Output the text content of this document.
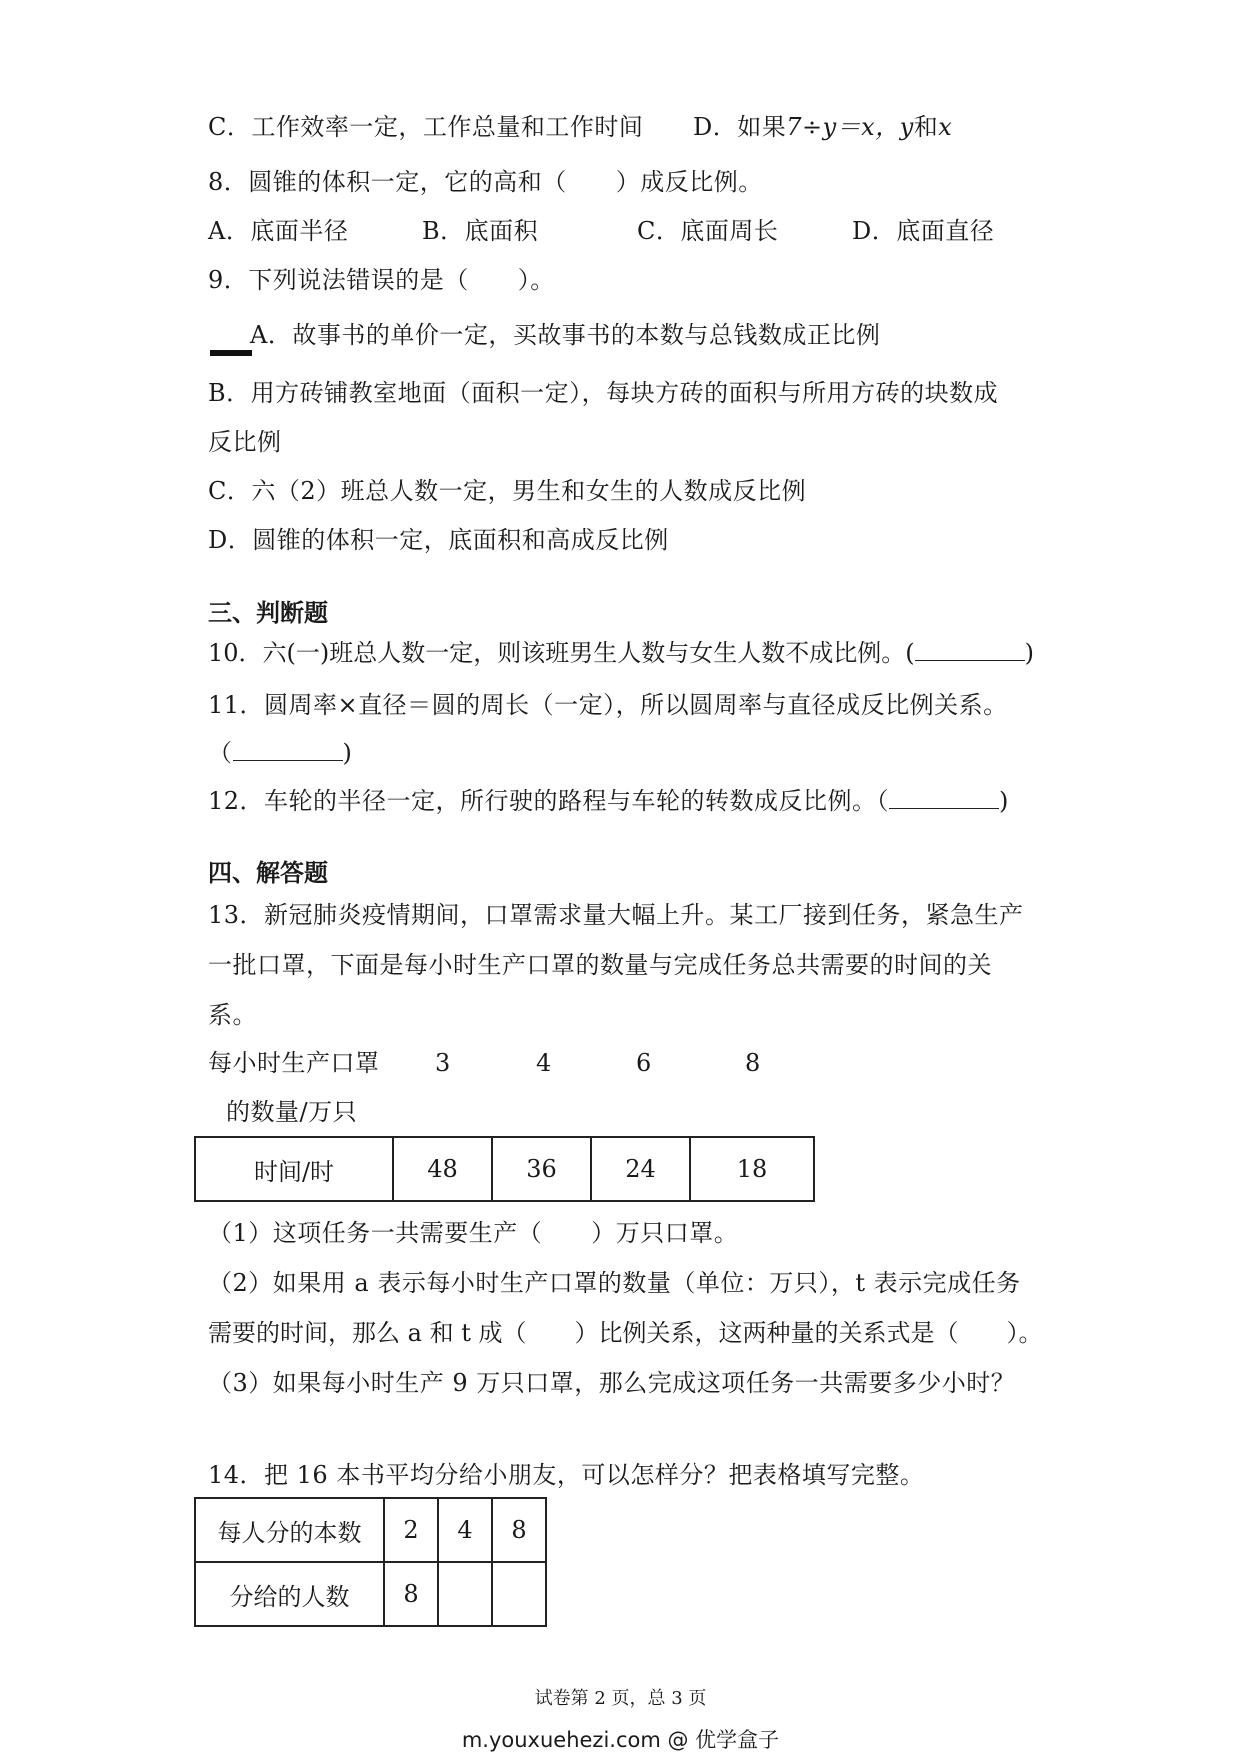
C．工作效率一定，工作总量和工作时间 D．如果7÷y＝x，y和x
8．圆锥的体积一定，它的高和（　　）成反比例。
A．底面半径	B．底面积	C．底面周长	D．底面直径
9．下列说法错误的是（　　）。
A．故事书的单价一定，买故事书的本数与总钱数成正比例
B．用方砖铺教室地面（面积一定），每块方砖的面积与所用方砖的块数成
反比例
C．六（2）班总人数一定，男生和女生的人数成反比例
D．圆锥的体积一定，底面积和高成反比例
三、判断题
10．六(一)班总人数一定，则该班男生人数与女生人数不成比例。(	)
11．圆周率×直径＝圆的周长（一定），所以圆周率与直径成反比例关系。
（	)
12．车轮的半径一定，所行驶的路程与车轮的转数成反比例。（	)
四、解答题
13．新冠肺炎疫情期间，口罩需求量大幅上升。某工厂接到任务，紧急生产
一批口罩，下面是每小时生产口罩的数量与完成任务总共需要的时间的关
系。
每小时生产口罩
的数量/万只
3	4	6	8
时间/时	48	36	24	18
（1）这项任务一共需要生产（　　）万只口罩。
（2）如果用 a 表示每小时生产口罩的数量（单位：万只），t 表示完成任务
需要的时间，那么 a 和 t 成（　　）比例关系，这两种量的关系式是（　　）。
（3）如果每小时生产 9 万只口罩，那么完成这项任务一共需要多少小时？
14．把 16 本书平均分给小朋友，可以怎样分？把表格填写完整。
每人分的本数	2	4	8
分给的人数	8		
试卷第 2 页，总 3 页
m.youxuehezi.com @ 优学盒子
